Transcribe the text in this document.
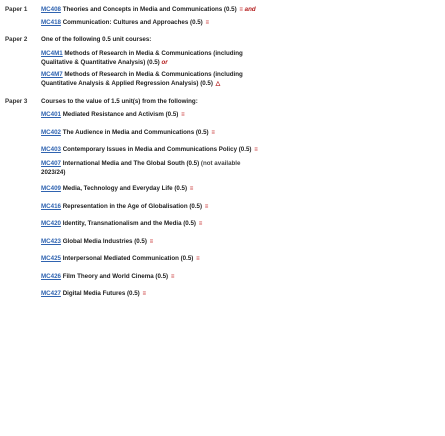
Paper 1	MC408 Theories and Concepts in Media and Communications (0.5) ≡ and
MC418 Communication: Cultures and Approaches (0.5) ≡
Paper 2	One of the following 0.5 unit courses:
MC4M1 Methods of Research in Media & Communications (including
Qualitative & Quantitative Analysis) (0.5) or
MC4M7 Methods of Research in Media & Communications (including
Quantitative Analysis & Applied Regression Analysis) (0.5) △
Paper 3	Courses to the value of 1.5 unit(s) from the following:
MC401 Mediated Resistance and Activism (0.5) ≡
MC402 The Audience in Media and Communications (0.5) ≡
MC403 Contemporary Issues in Media and Communications Policy (0.5) ≡
MC407 International Media and The Global South (0.5) (not available
2023/24)
MC409 Media, Technology and Everyday Life (0.5) ≡
MC416 Representation in the Age of Globalisation (0.5) ≡
MC420 Identity, Transnationalism and the Media (0.5) ≡
MC423 Global Media Industries (0.5) ≡
MC425 Interpersonal Mediated Communication (0.5) ≡
MC426 Film Theory and World Cinema (0.5) ≡
MC427 Digital Media Futures (0.5) ≡
